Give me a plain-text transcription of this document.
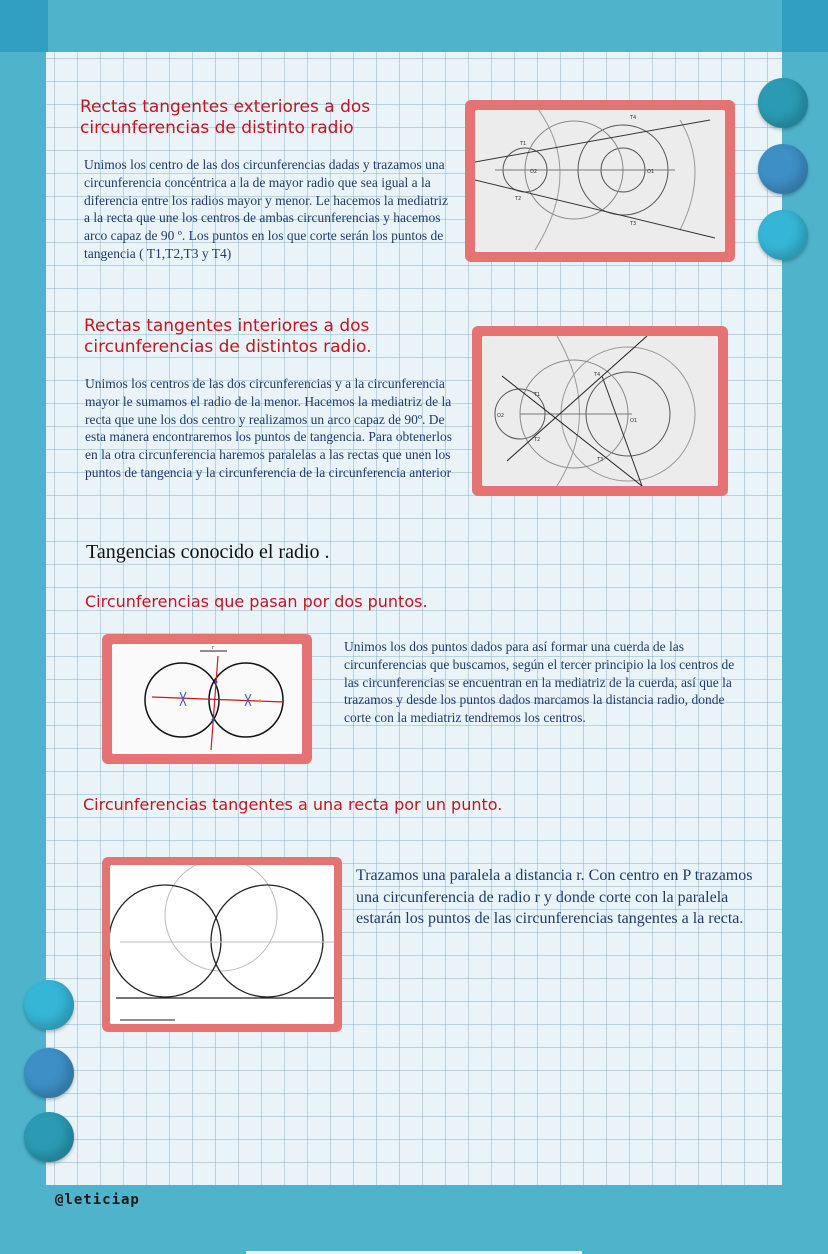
Rectas tangentes exteriores a dos
circunferencias de distinto radio
Unimos los centro de las dos circunferencias dadas y trazamos una circunferencia concéntrica a la de mayor radio que sea igual a la diferencia entre los radios mayor y menor. Le hacemos la mediatriz a la recta que une los centros de ambas circunferencias y hacemos arco capaz de 90 º. Los puntos en los que corte serán los puntos de tangencia ( T1,T2,T3 y T4)
T1
T2
T3
T4
O1
O2
Rectas tangentes interiores a dos
circunferencias de distintos radio.
Unimos los centros de las dos circunferencias y a la circunferencia mayor le sumamos el radio de la menor. Hacemos la mediatriz de la recta que une los dos centro y realizamos un arco capaz de 90º. De esta manera encontraremos los puntos de tangencia. Para obtenerlos en la otra circunferencia haremos paralelas a las rectas que unen los puntos de tangencia y la circunferencia de la circunferencia anterior
T1
T2
T3
T4
O1
O2
Tangencias conocido el radio .
Circunferencias que pasan por dos puntos.
r	Unimos los dos puntos dados para así formar una cuerda de las circunferencias que buscamos, según el tercer principio la los centros de las circunferencias se encuentran en la mediatriz de la cuerda, así que la trazamos y desde los puntos dados marcamos la distancia radio, donde corte con la mediatriz tendremos los centros.
Circunferencias tangentes a una recta por un punto.
Trazamos una paralela a distancia r. Con centro en P trazamos una circunferencia de radio r y donde corte con la paralela estarán los puntos de las circunferencias tangentes a la recta.
@leticiap
